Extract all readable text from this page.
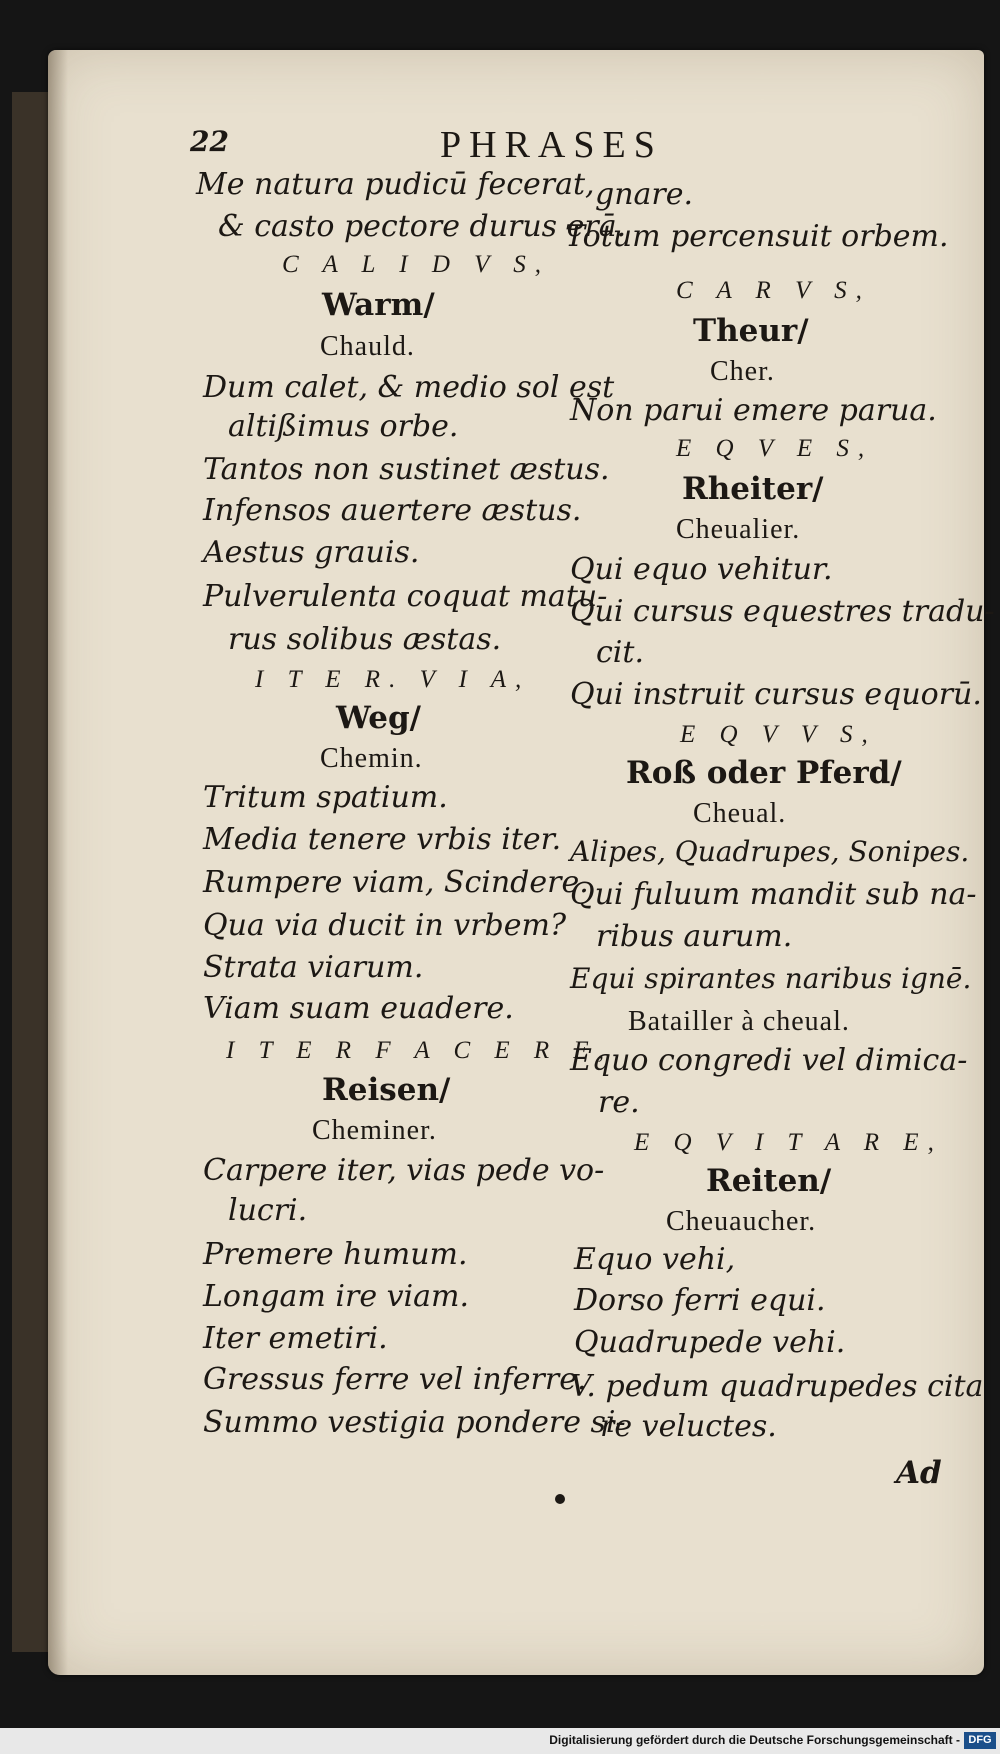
22	PHRASES
Me natura pudicū fecerat,
& casto pectore durus erā.
C A L I D V S,
Warm/
Chauld.
Dum calet, & medio sol est
altißimus orbe.
Tantos non sustinet æstus.
Infensos auertere æstus.
Aestus grauis.
Pulverulenta coquat matu-
rus solibus æstas.
I T E R. V I A,
Weg/
Chemin.
Tritum spatium.
Media tenere vrbis iter.
Rumpere viam, Scindere.
Qua via ducit in vrbem?
Strata viarum.
Viam suam euadere.
I T E R F A C E R E,
Reisen/
Cheminer.
Carpere iter, vias pede vo-
lucri.
Premere humum.
Longam ire viam.
Iter emetiri.
Gressus ferre vel inferre.
Summo vestigia pondere si-
gnare.
Totum percensuit orbem.
C A R V S,
Theur/
Cher.
Non parui emere parua.
E Q V E S,
Rheiter/
Cheualier.
Qui equo vehitur.
Qui cursus equestres tradu-
cit.
Qui instruit cursus equorū.
E Q V V S,
Roß oder Pferd/
Cheual.
Alipes, Quadrupes, Sonipes.
Qui fuluum mandit sub na-
ribus aurum.
Equi spirantes naribus ignē.
Batailler à cheual.
Equo congredi vel dimica-
re.
E Q V I T A R E,
Reiten/
Cheuaucher.
Equo vehi,
Dorso ferri equi.
Quadrupede vehi.
V. pedum quadrupedes cita
re veluctes.
Ad
Digitalisierung gefördert durch die Deutsche Forschungsgemeinschaft - DFG
